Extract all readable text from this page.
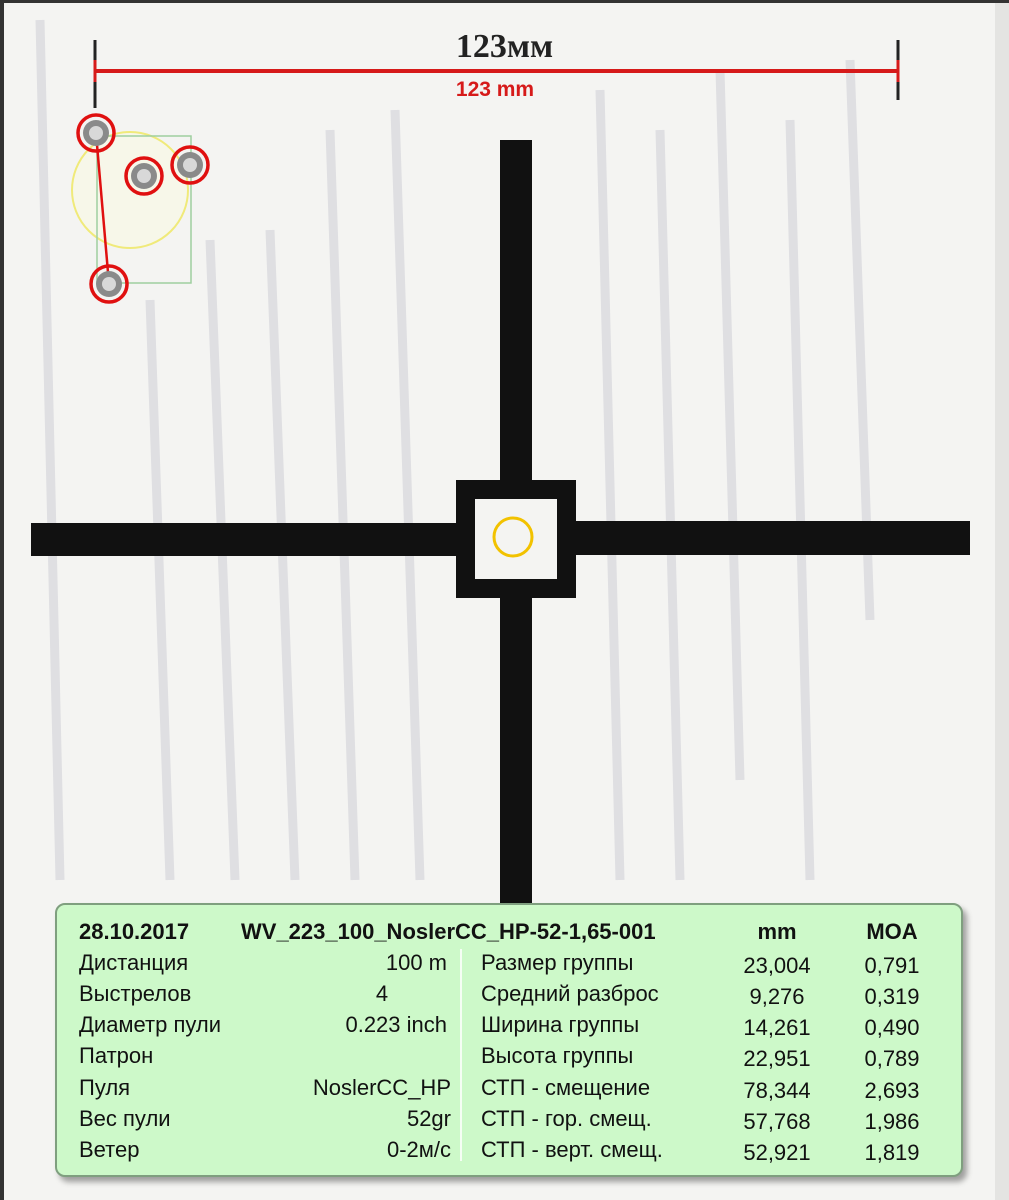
123мм
123 mm
28.10.2017 WV_223_100_NoslerCC_HP-52-1,65-001	mm	MOA
Дистанция	100 m
Выстрелов	4
Диаметр пули	0.223 inch
Патрон
Пуля	NoslerCC_HP
Вес пули	52gr
Ветер	0-2м/с
Размер группы	23,004	0,791
Средний разброс	9,276	0,319
Ширина группы	14,261	0,490
Высота группы	22,951	0,789
СТП - смещение	78,344	2,693
СТП - гор. смещ.	57,768	1,986
СТП - верт. смещ.	52,921	1,819
